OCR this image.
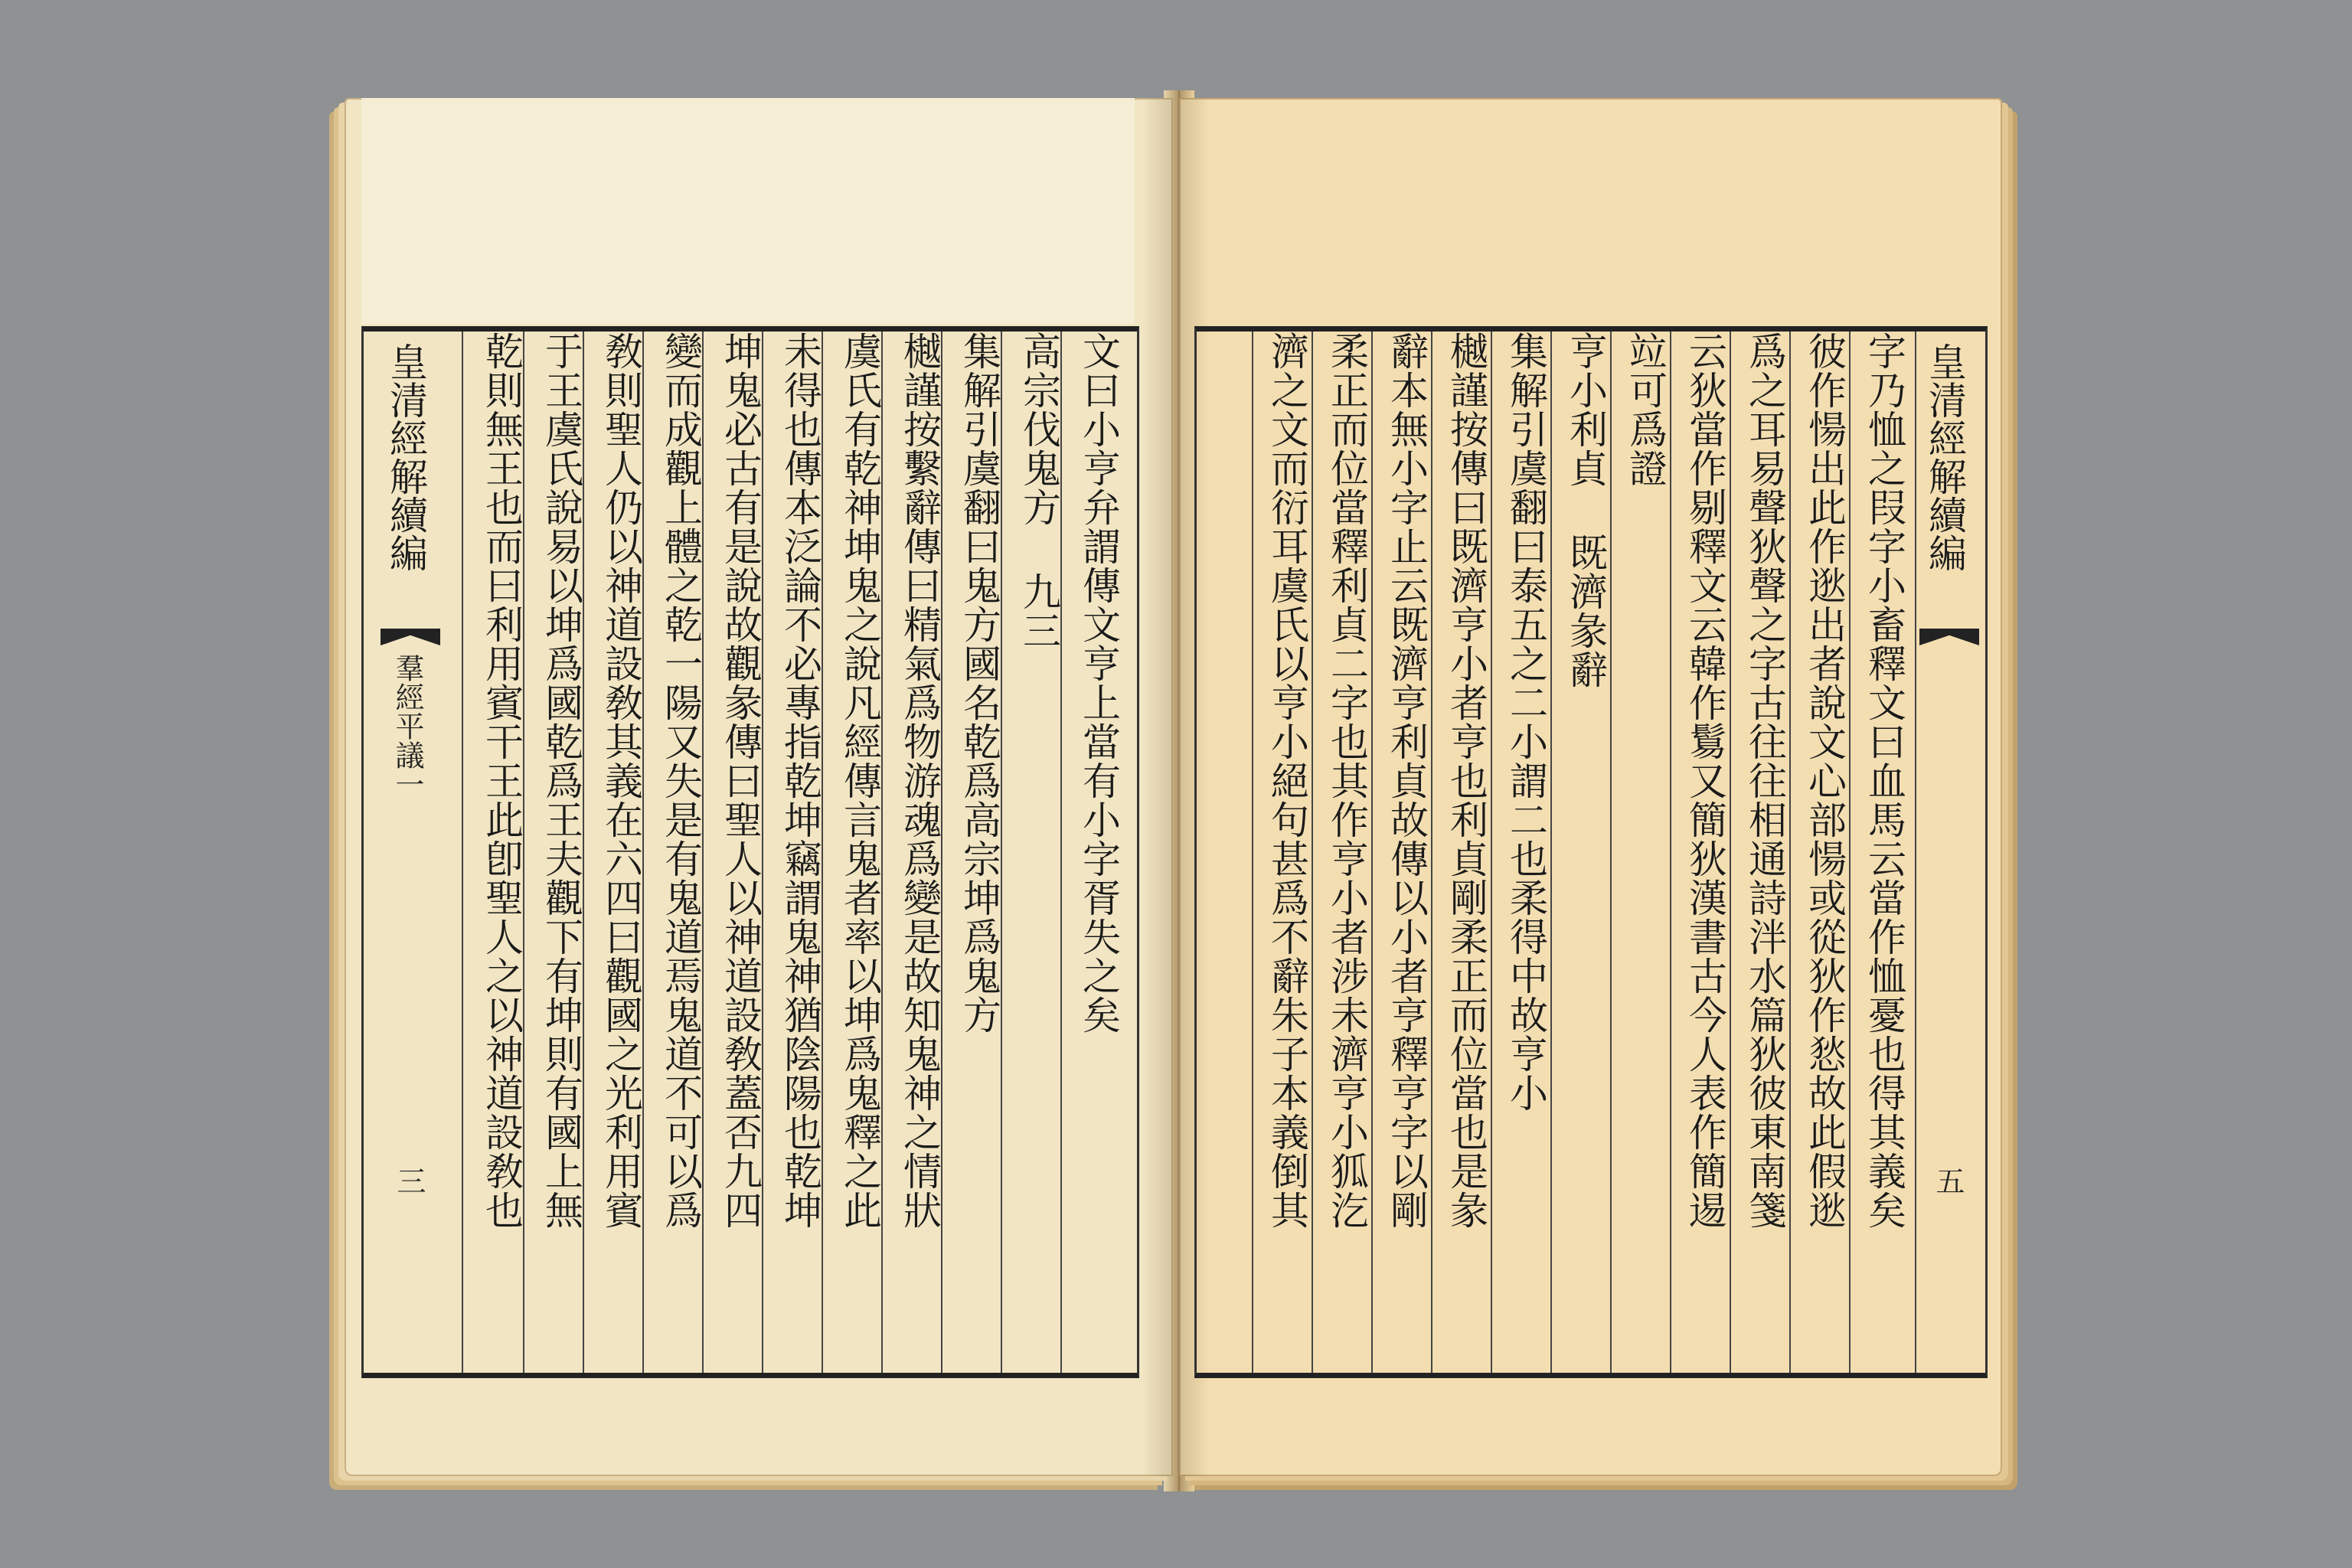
文曰小亨弁謂傳文亨上當有小字胥失之矣
高宗伐鬼方 九三
集解引虞翻曰鬼方國名乾爲高宗坤爲鬼方
樾謹按繫辭傳曰精氣爲物游魂爲變是故知鬼神之情狀
虞氏有乾神坤鬼之說凡經傳言鬼者率以坤爲鬼釋之此
未得也傳本泛論不必專指乾坤竊謂鬼神猶陰陽也乾坤
坤鬼必古有是說故觀彖傳曰聖人以神道設敎蓋否九四
變而成觀上體之乾一陽又失是有鬼道焉鬼道不可以爲
敎則聖人仍以神道設敎其義在六四曰觀國之光利用賓
于王虞氏說易以坤爲國乾爲王夫觀下有坤則有國上無
乾則無王也而曰利用賓干王此卽聖人之以神道設敎也
皇清經解續編
羣經平議一
三
皇清經解續編
五
字乃恤之叚字小畜釋文曰血馬云當作恤憂也得其義矣
彼作愓出此作逖出者說文心部愓或從狄作悐故此假逖
爲之耳易聲狄聲之字古往往相通詩泮水篇狄彼東南箋
云狄當作剔釋文云韓作鬄又簡狄漢書古今人表作簡逷
竝可爲證
亨小利貞 既濟彖辭
集解引虞翻曰泰五之二小謂二也柔得中故亨小
樾謹按傳曰既濟亨小者亨也利貞剛柔正而位當也是彖
辭本無小字止云既濟亨利貞故傳以小者亨釋亨字以剛
柔正而位當釋利貞二字也其作亨小者涉未濟亨小狐汔
濟之文而衍耳虞氏以亨小絕句甚爲不辭朱子本義倒其
